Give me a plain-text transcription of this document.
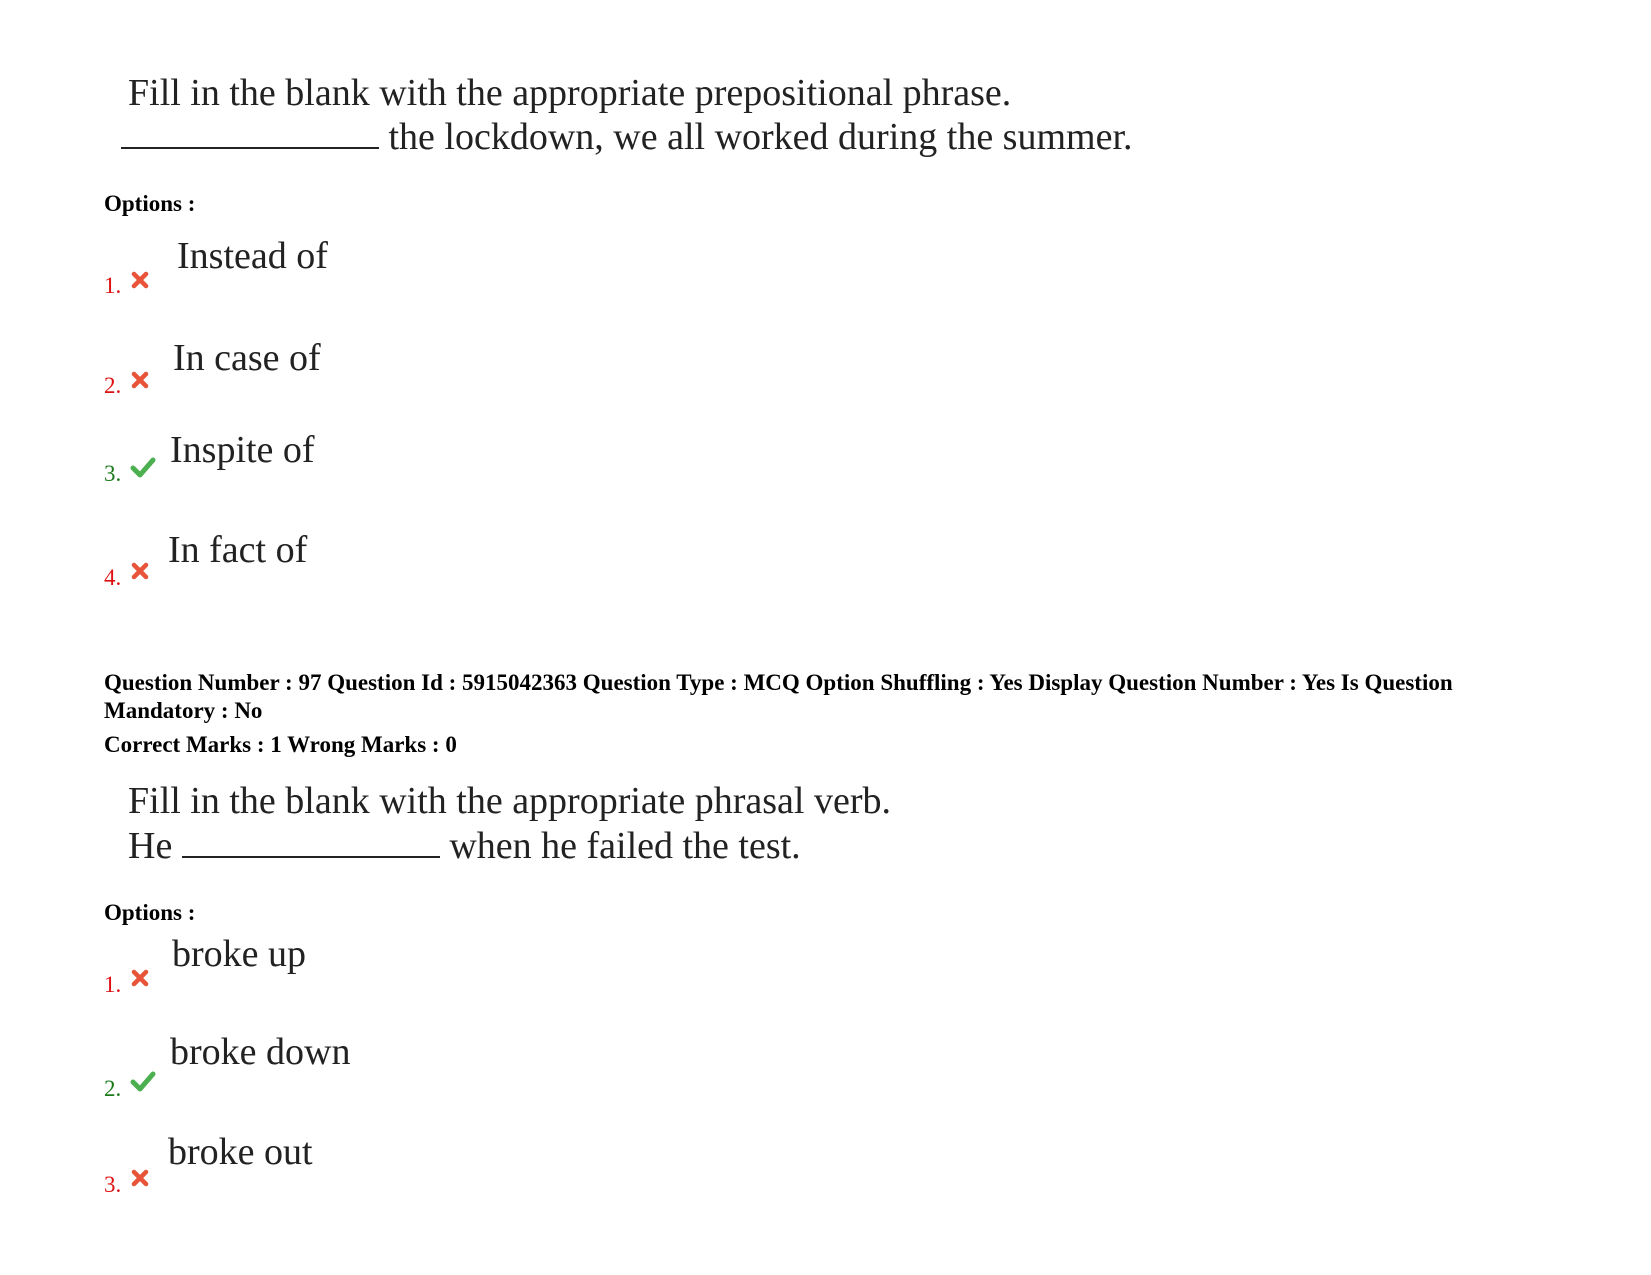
Fill in the blank with the appropriate prepositional phrase.
the lockdown, we all worked during the summer.
Options :
1.
Instead of
2.
In case of
3.
Inspite of
4.
In fact of
Question Number : 97 Question Id : 5915042363 Question Type : MCQ Option Shuffling : Yes Display Question Number : Yes Is Question Mandatory : No
Correct Marks : 1 Wrong Marks : 0
Fill in the blank with the appropriate phrasal verb.
He	when he failed the test.
Options :
1.
broke up
2.
broke down
3.
broke out
